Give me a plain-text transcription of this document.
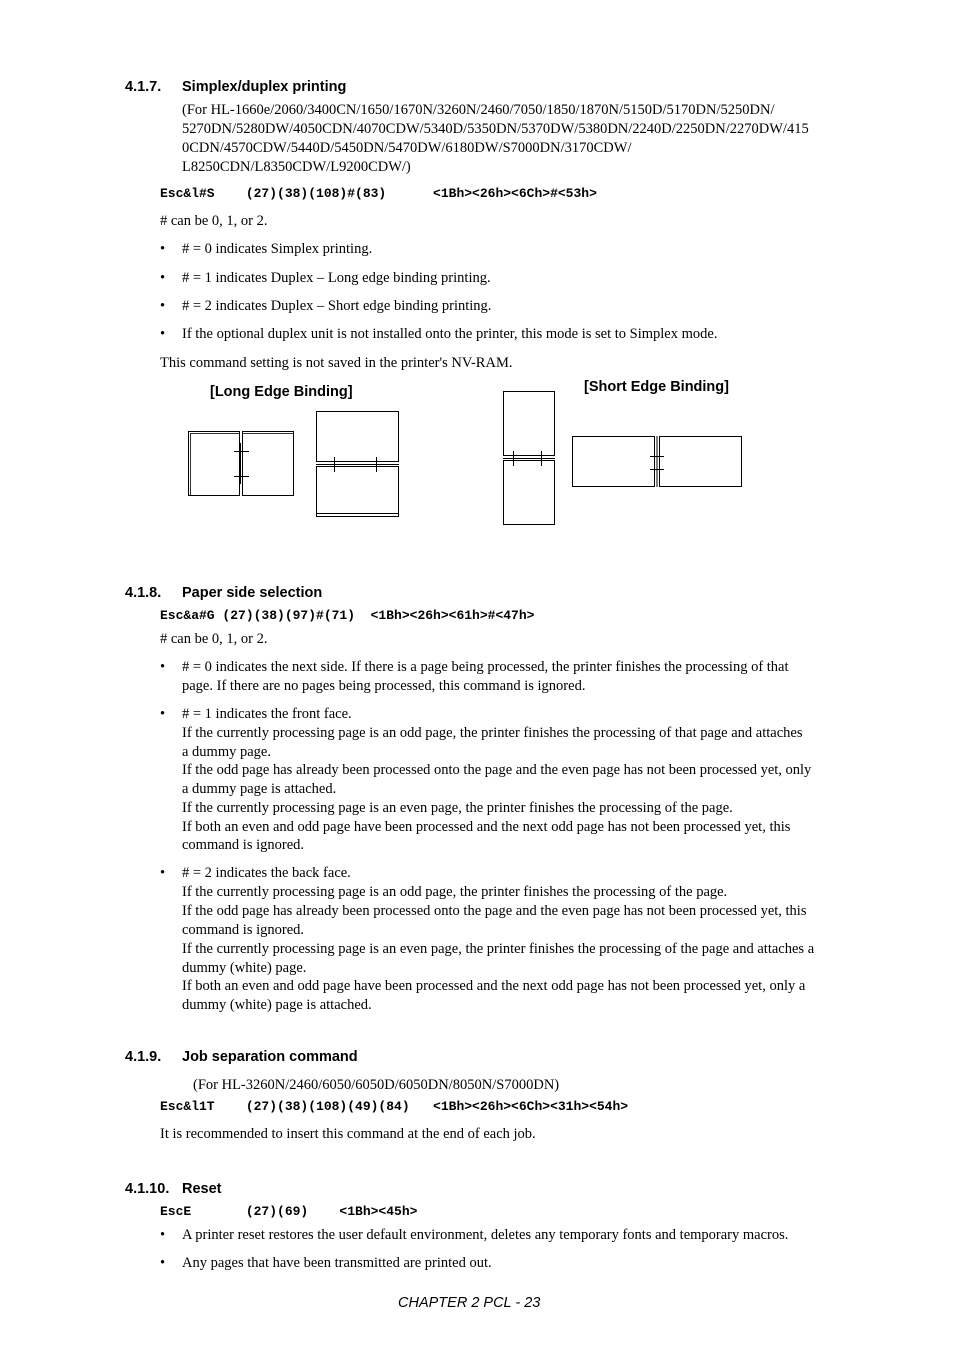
4.1.7. Simplex/duplex printing
(For HL-1660e/2060/3400CN/1650/1670N/3260N/2460/7050/1850/1870N/5150D/5170DN/5250DN/
5270DN/5280DW/4050CDN/4070CDW/5340D/5350DN/5370DW/5380DN/2240D/2250DN/2270DW/415
0CDN/4570CDW/5440D/5450DN/5470DW/6180DW/S7000DN/3170CDW/
L8250CDN/L8350CDW/L9200CDW/)
Esc&l#S    (27)(38)(108)#(83)      <1Bh><26h><6Ch>#<53h>
# can be 0, 1, or 2.
• # = 0 indicates Simplex printing.
• # = 1 indicates Duplex – Long edge binding printing.
• # = 2 indicates Duplex – Short edge binding printing.
• If the optional duplex unit is not installed onto the printer, this mode is set to Simplex mode.
This command setting is not saved in the printer's NV-RAM.
[Long Edge Binding]	[Short Edge Binding]
4.1.8. Paper side selection
Esc&a#G (27)(38)(97)#(71)  <1Bh><26h><61h>#<47h>
# can be 0, 1, or 2.
• # = 0 indicates the next side. If there is a page being processed, the printer finishes the processing of that
page. If there are no pages being processed, this command is ignored.
• # = 1 indicates the front face.
If the currently processing page is an odd page, the printer finishes the processing of that page and attaches
a dummy page.
If the odd page has already been processed onto the page and the even page has not been processed yet, only
a dummy page is attached.
If the currently processing page is an even page, the printer finishes the processing of the page.
If both an even and odd page have been processed and the next odd page has not been processed yet, this
command is ignored.
• # = 2 indicates the back face.
If the currently processing page is an odd page, the printer finishes the processing of the page.
If the odd page has already been processed onto the page and the even page has not been processed yet, this
command is ignored.
If the currently processing page is an even page, the printer finishes the processing of the page and attaches a
dummy (white) page.
If both an even and odd page have been processed and the next odd page has not been processed yet, only a
dummy (white) page is attached.
4.1.9. Job separation command
(For HL-3260N/2460/6050/6050D/6050DN/8050N/S7000DN)
Esc&l1T    (27)(38)(108)(49)(84)   <1Bh><26h><6Ch><31h><54h>
It is recommended to insert this command at the end of each job.
4.1.10. Reset
EscE       (27)(69)    <1Bh><45h>
• A printer reset restores the user default environment, deletes any temporary fonts and temporary macros.
• Any pages that have been transmitted are printed out.
CHAPTER 2 PCL - 23
